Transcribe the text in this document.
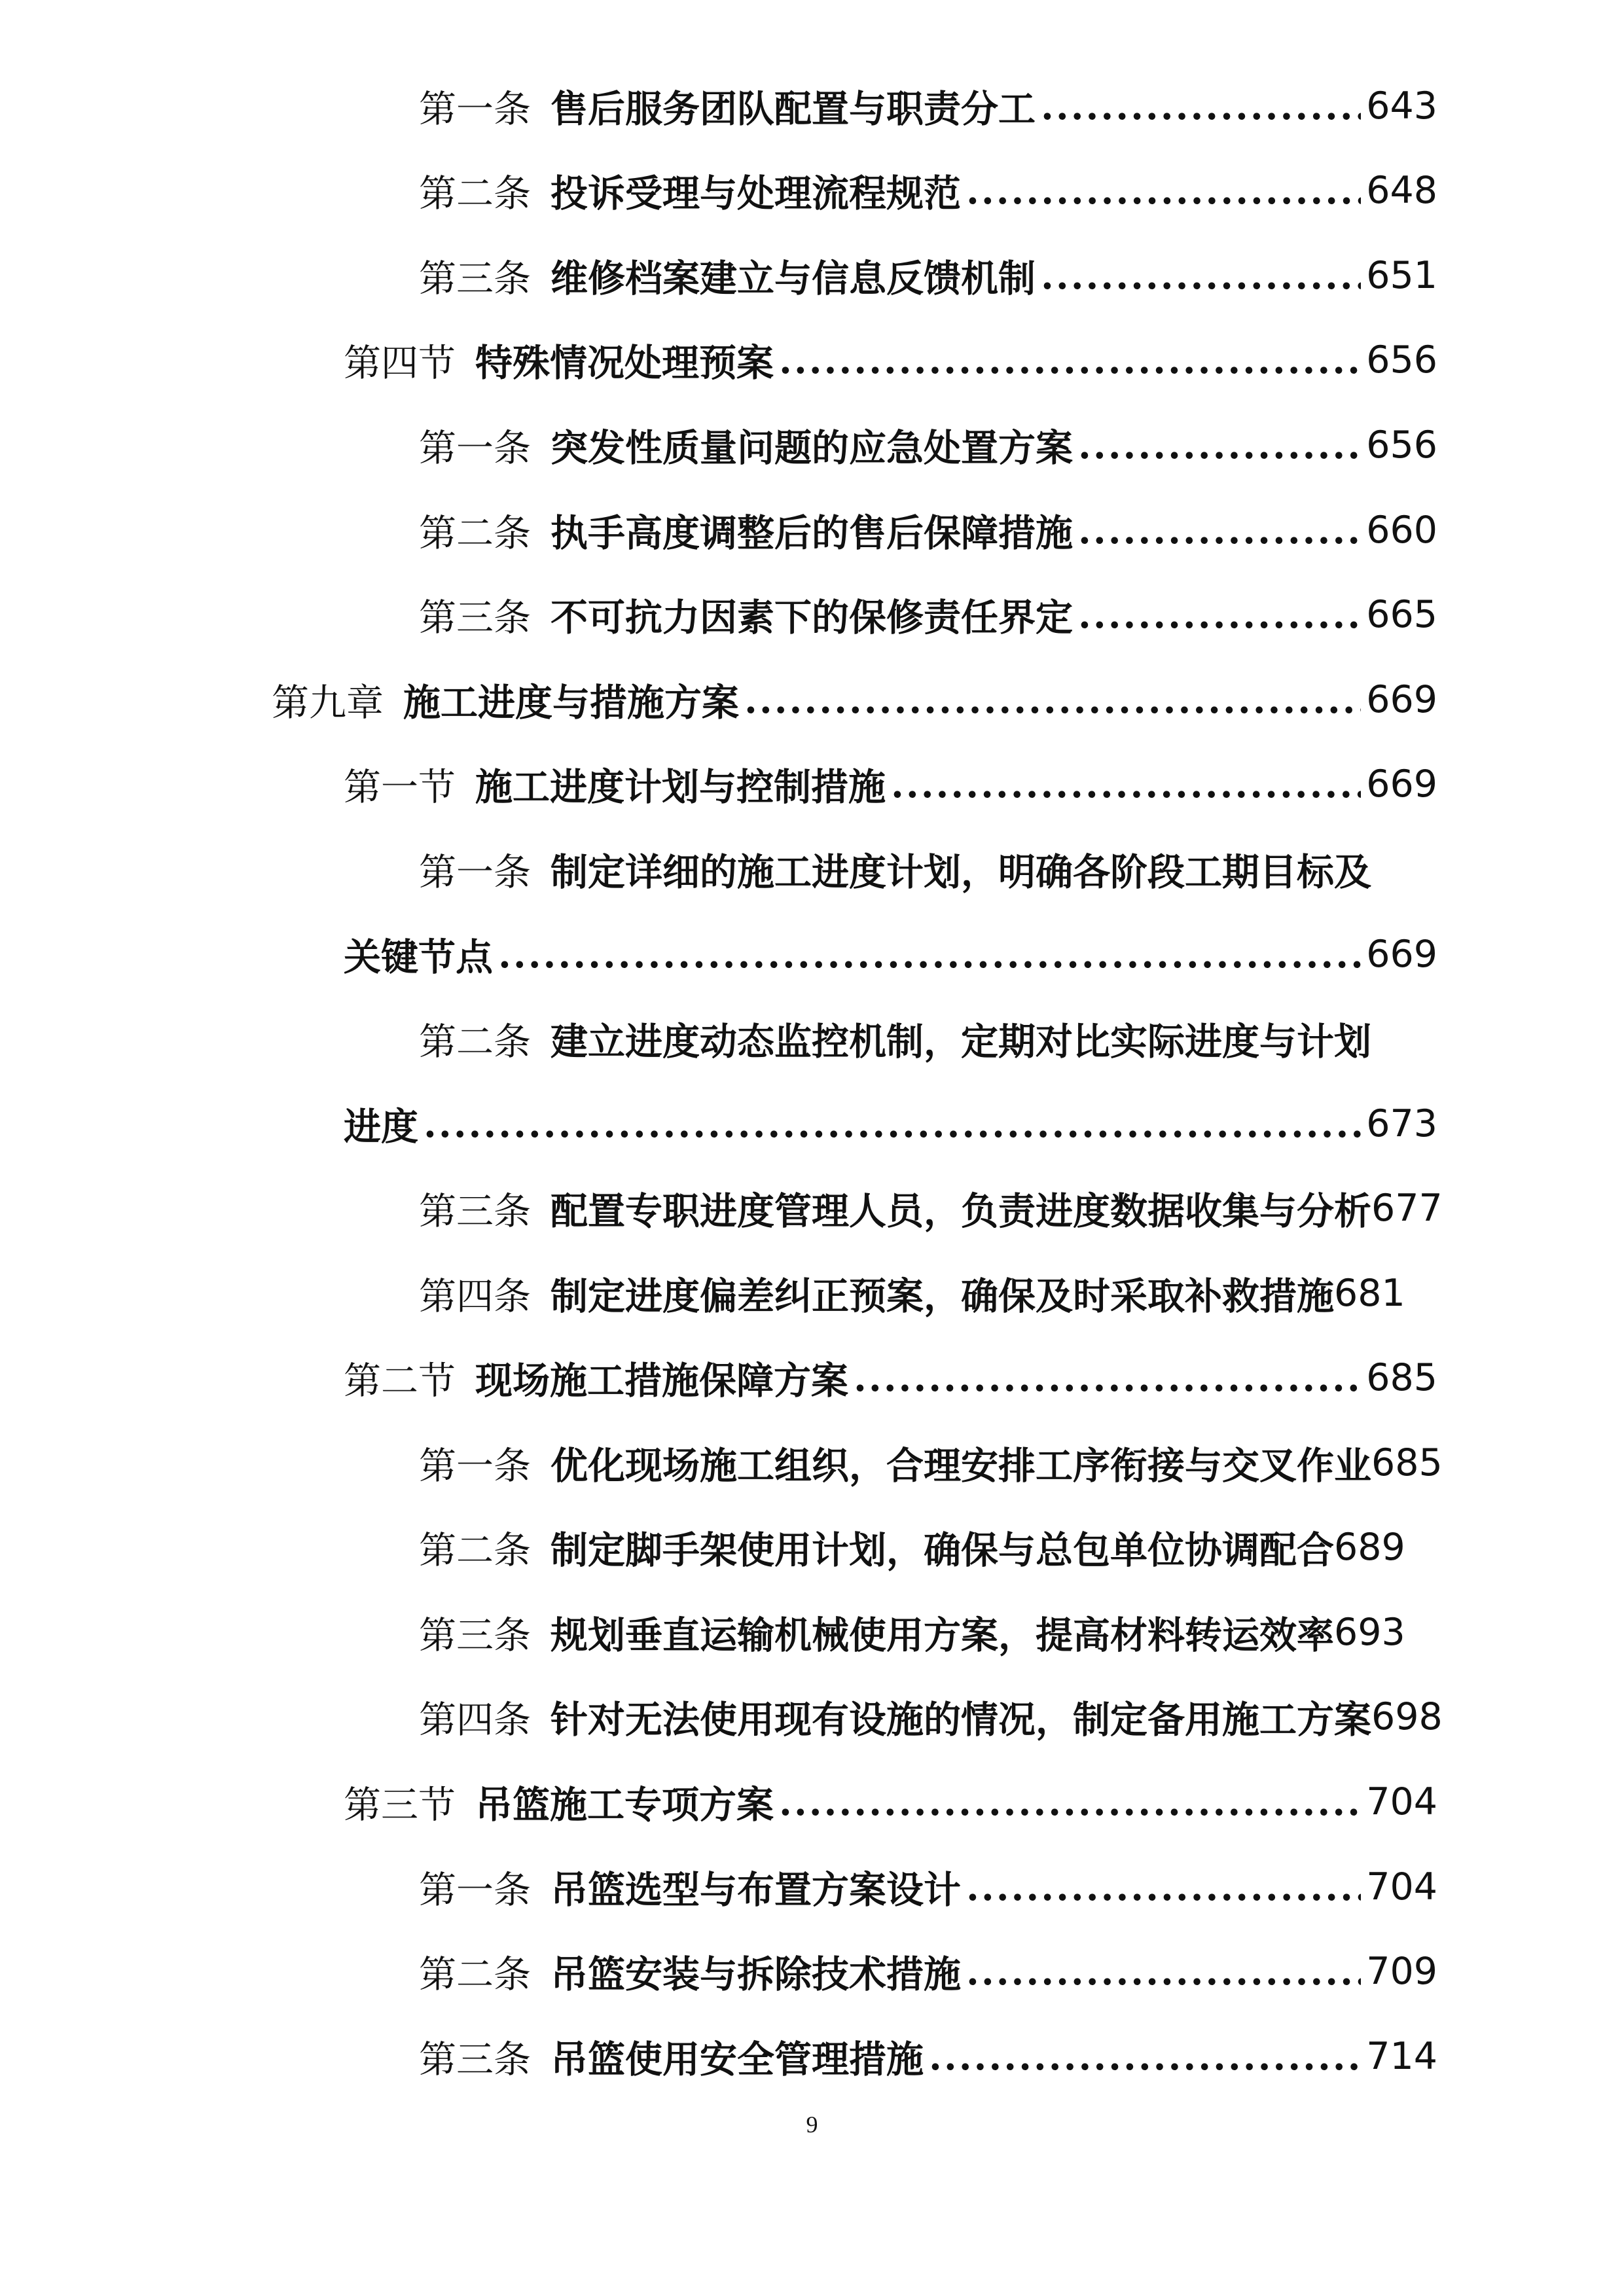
第一条 售后服务团队配置与职责分工 .....	643
第二条 投诉受理与处理流程规范 .....	648
第三条 维修档案建立与信息反馈机制 .....	651
第四节 特殊情况处理预案 .....	656
第一条 突发性质量问题的应急处置方案 .....	656
第二条 执手高度调整后的售后保障措施 .....	660
第三条 不可抗力因素下的保修责任界定 .....	665
第九章 施工进度与措施方案 .....	669
第一节 施工进度计划与控制措施 .....	669
第一条 制定详细的施工进度计划，明确各阶段工期目标及
关键节点 .....	669
第二条 建立进度动态监控机制，定期对比实际进度与计划
进度 .....	673
第三条 配置专职进度管理人员，负责进度数据收集与分析 677
第四条 制定进度偏差纠正预案，确保及时采取补救措施 681
第二节 现场施工措施保障方案 .....	685
第一条 优化现场施工组织，合理安排工序衔接与交叉作业 685
第二条 制定脚手架使用计划，确保与总包单位协调配合 689
第三条 规划垂直运输机械使用方案，提高材料转运效率 693
第四条 针对无法使用现有设施的情况，制定备用施工方案 698
第三节 吊篮施工专项方案 .....	704
第一条 吊篮选型与布置方案设计 .....	704
第二条 吊篮安装与拆除技术措施 .....	709
第三条 吊篮使用安全管理措施 .....	714
9
